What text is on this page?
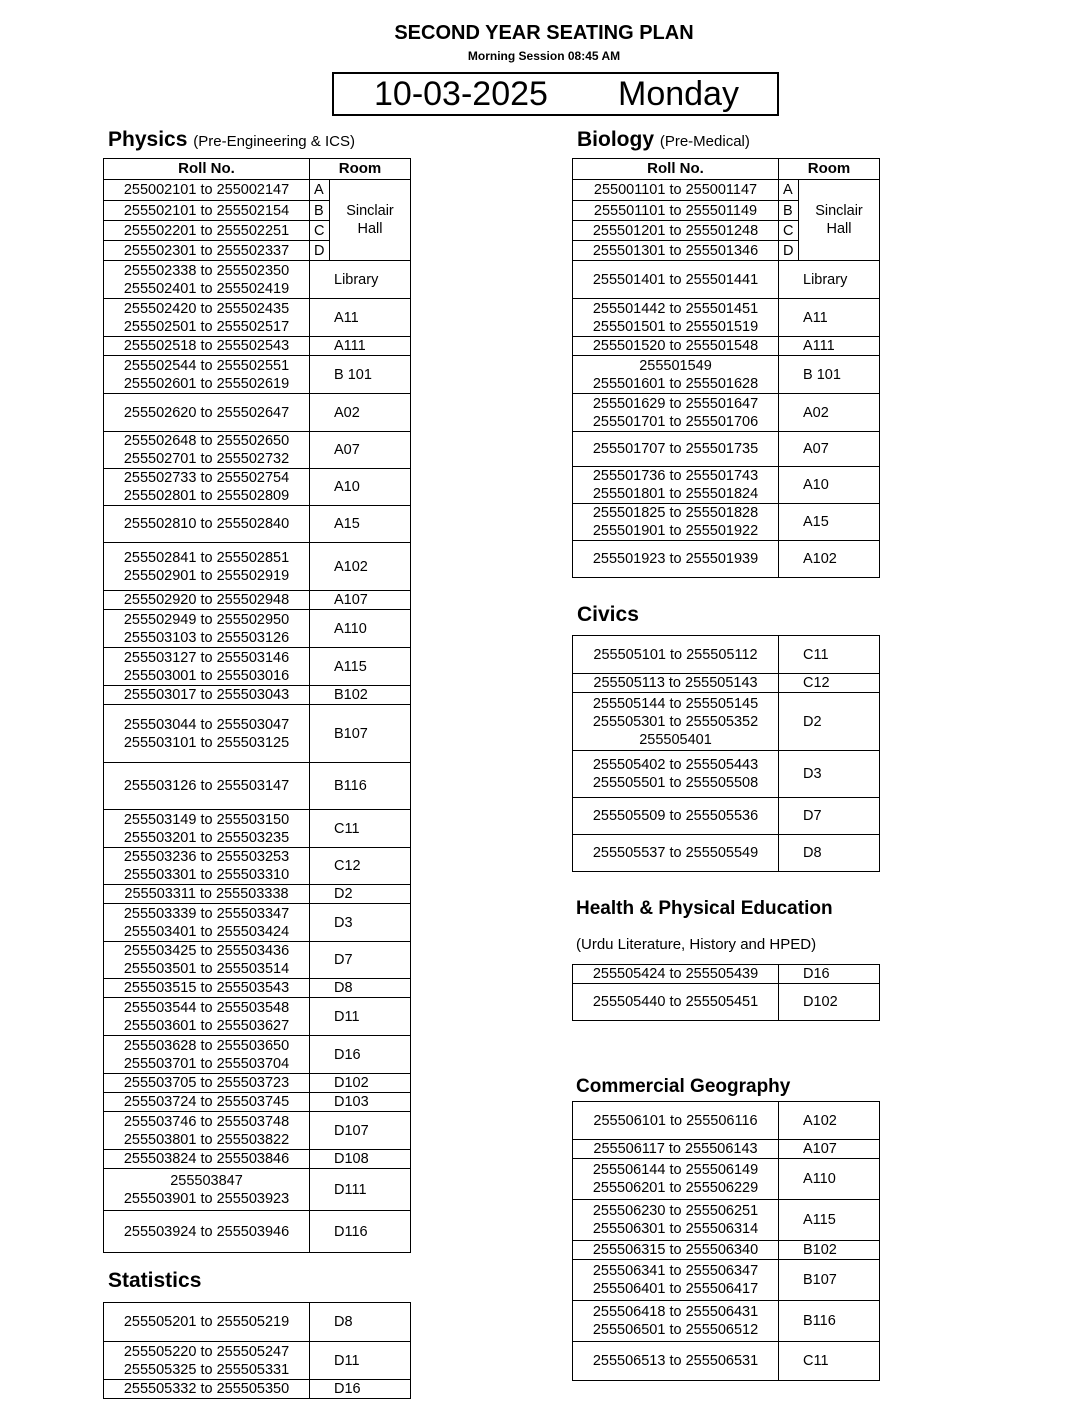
SECOND YEAR SEATING PLAN
Morning Session 08:45 AM
10-03-2025 Monday
Physics (Pre-Engineering & ICS)
Roll No.	Room	
255002101 to 255002147	A	Sinclair
Hall
255502101 to 255502154	B	
255502201 to 255502251	C	
255502301 to 255502337	D	
255502338 to 255502350
255502401 to 255502419	Library	
255502420 to 255502435
255502501 to 255502517	A11	
255502518 to 255502543	A111	
255502544 to 255502551
255502601 to 255502619	B 101	
255502620 to 255502647	A02	
255502648 to 255502650
255502701 to 255502732	A07	
255502733 to 255502754
255502801 to 255502809	A10	
255502810 to 255502840	A15	
255502841 to 255502851
255502901 to 255502919	A102	
255502920 to 255502948	A107	
255502949 to 255502950
255503103 to 255503126	A110	
255503127 to 255503146
255503001 to 255503016	A115	
255503017 to 255503043	B102	
255503044 to 255503047
255503101 to 255503125	B107	
255503126 to 255503147	B116	
255503149 to 255503150
255503201 to 255503235	C11	
255503236 to 255503253
255503301 to 255503310	C12	
255503311 to 255503338	D2	
255503339 to 255503347
255503401 to 255503424	D3	
255503425 to 255503436
255503501 to 255503514	D7	
255503515 to 255503543	D8	
255503544 to 255503548
255503601 to 255503627	D11	
255503628 to 255503650
255503701 to 255503704	D16	
255503705 to 255503723	D102	
255503724 to 255503745	D103	
255503746 to 255503748
255503801 to 255503822	D107	
255503824 to 255503846	D108	
255503847
255503901 to 255503923	D111	
255503924 to 255503946	D116	
Statistics
255505201 to 255505219	D8
255505220 to 255505247
255505325 to 255505331	D11
255505332 to 255505350	D16
Biology (Pre-Medical)
Roll No.	Room	
255001101 to 255001147	A	Sinclair
Hall
255501101 to 255501149	B	
255501201 to 255501248	C	
255501301 to 255501346	D	
255501401 to 255501441	Library	
255501442 to 255501451
255501501 to 255501519	A11	
255501520 to 255501548	A111	
255501549
255501601 to 255501628	B 101	
255501629 to 255501647
255501701 to 255501706	A02	
255501707 to 255501735	A07	
255501736 to 255501743
255501801 to 255501824	A10	
255501825 to 255501828
255501901 to 255501922	A15	
255501923 to 255501939	A102	
Civics
255505101 to 255505112	C11
255505113 to 255505143	C12
255505144 to 255505145
255505301 to 255505352
255505401	D2
255505402 to 255505443
255505501 to 255505508	D3
255505509 to 255505536	D7
255505537 to 255505549	D8
Health & Physical Education
(Urdu Literature, History and HPED)
255505424 to 255505439	D16
255505440 to 255505451	D102
Commercial Geography
255506101 to 255506116	A102
255506117 to 255506143	A107
255506144 to 255506149
255506201 to 255506229	A110
255506230 to 255506251
255506301 to 255506314	A115
255506315 to 255506340	B102
255506341 to 255506347
255506401 to 255506417	B107
255506418 to 255506431
255506501 to 255506512	B116
255506513 to 255506531	C11
